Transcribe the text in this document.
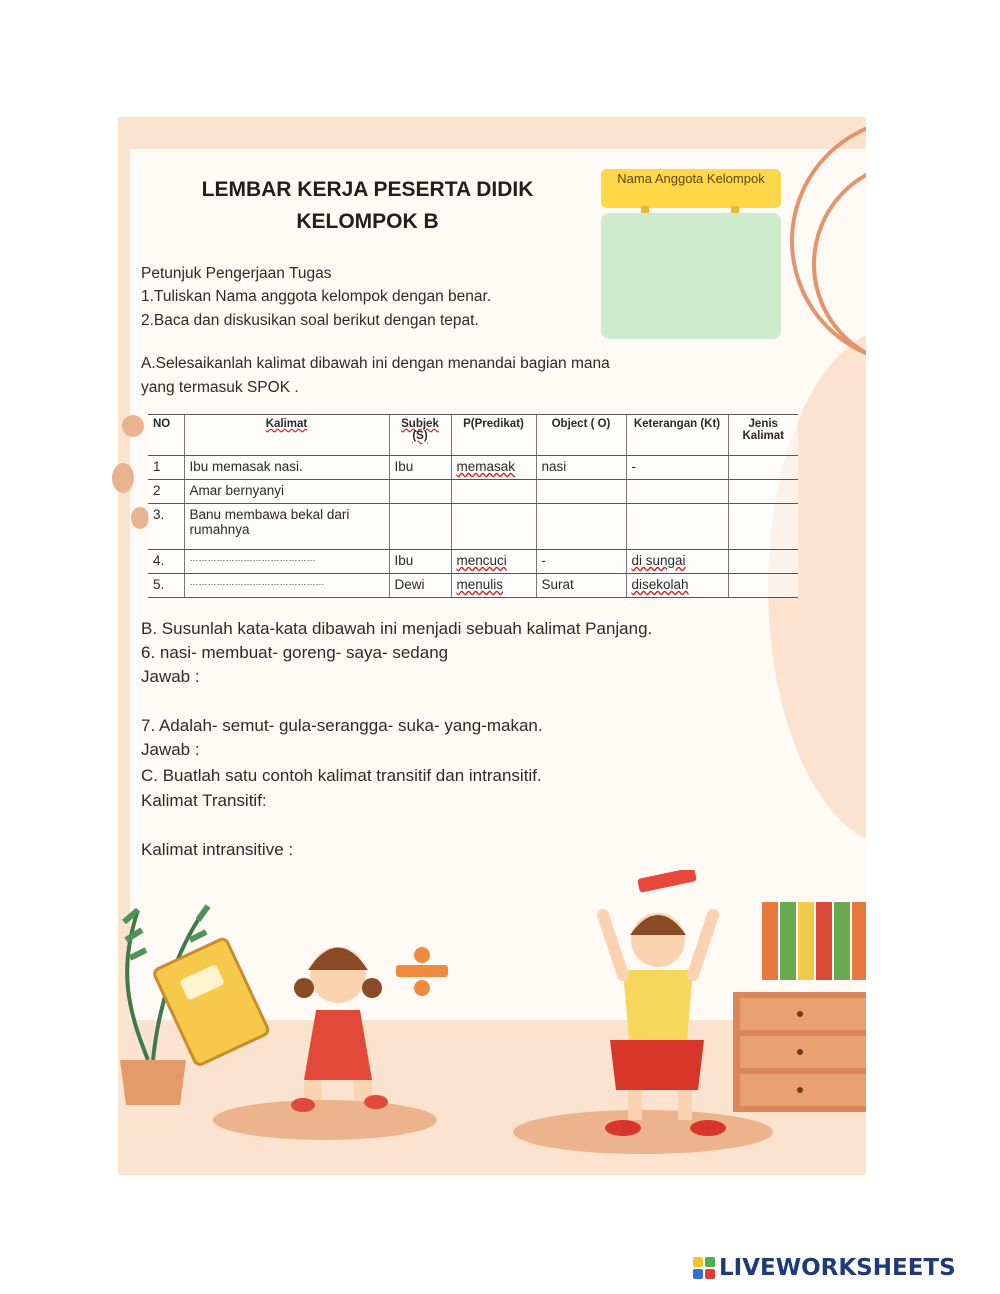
LEMBAR KERJA PESERTA DIDIK
KELOMPOK B
Nama Anggota Kelompok
Petunjuk Pengerjaan Tugas
1.Tuliskan Nama anggota kelompok dengan benar.
2.Baca dan diskusikan soal berikut dengan tepat.
A.Selesaikanlah kalimat dibawah ini dengan menandai bagian mana
yang termasuk SPOK .
NO	Kalimat	Subjek (S)	P(Predikat)	Object ( O)	Keterangan (Kt)	Jenis Kalimat
1	Ibu memasak nasi.	Ibu	memasak	nasi	-	
2	Amar bernyanyi					
3.	Banu membawa bekal dari rumahnya					
4.	……………………………………	Ibu	mencuci	-	di sungai	
5.	………………………………………	Dewi	menulis	Surat	disekolah	
B. Susunlah kata-kata dibawah ini menjadi sebuah kalimat Panjang.
6. nasi- membuat- goreng- saya- sedang
Jawab :
7. Adalah- semut- gula-serangga- suka- yang-makan.
Jawab :
C. Buatlah satu contoh kalimat transitif dan intransitif.
Kalimat Transitif:
Kalimat intransitive :
LIVEWORKSHEETS
